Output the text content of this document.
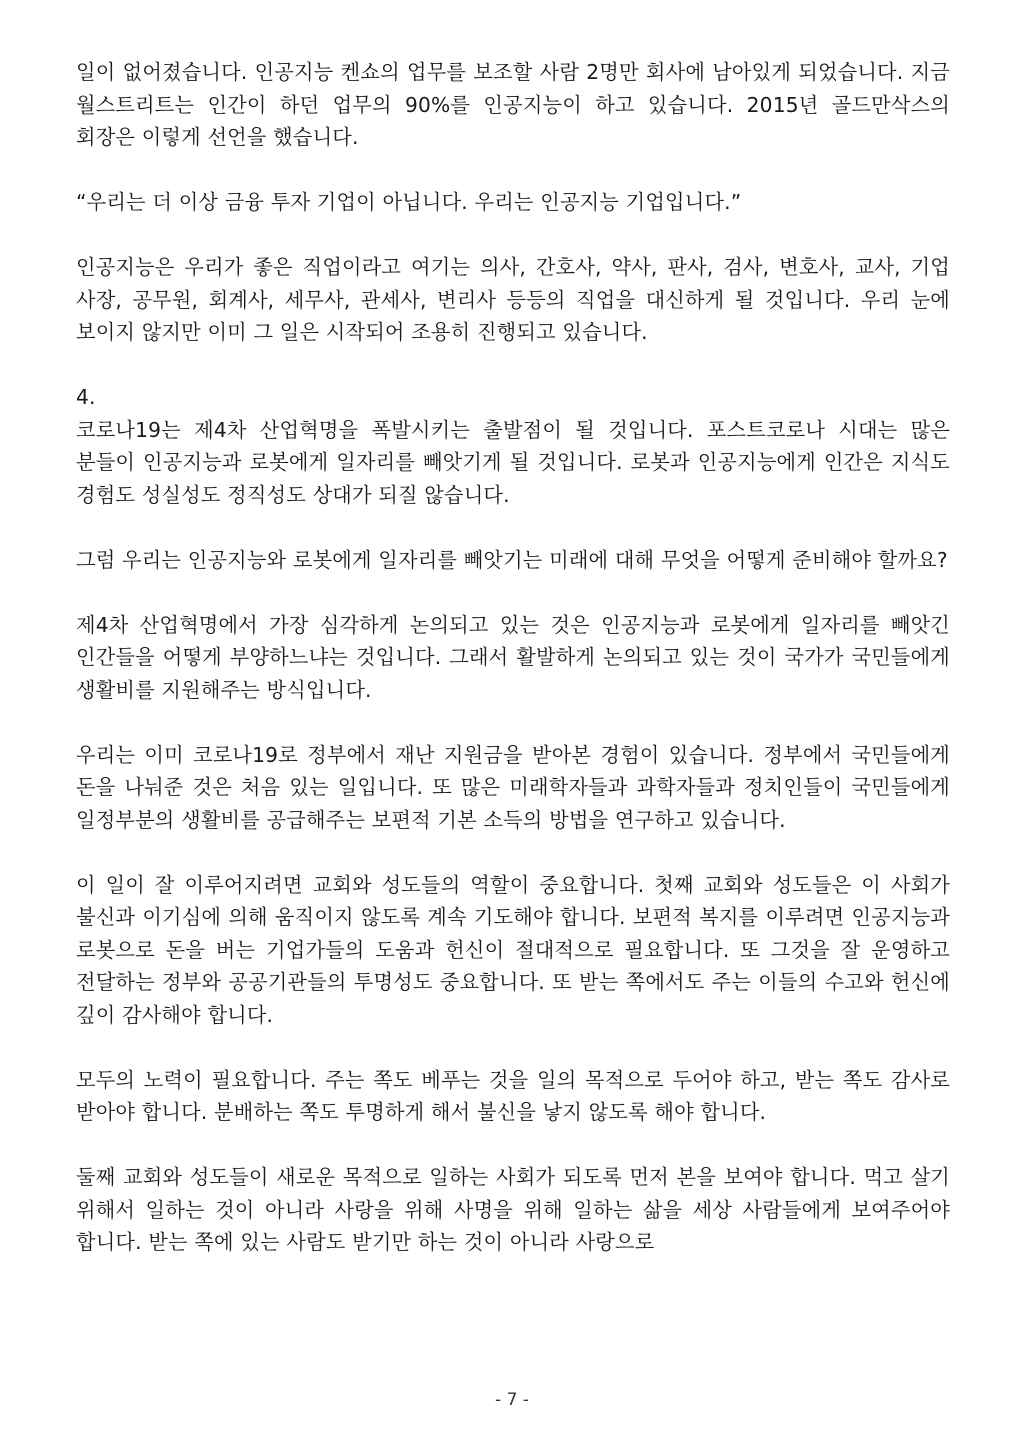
일이 없어졌습니다. 인공지능 켄쇼의 업무를 보조할 사람 2명만 회사에 남아있게 되었습니다. 지금 월스트리트는 인간이 하던 업무의 90%를 인공지능이 하고 있습니다. 2015년 골드만삭스의 회장은 이렇게 선언을 했습니다.

“우리는 더 이상 금융 투자 기업이 아닙니다. 우리는 인공지능 기업입니다.”

인공지능은 우리가 좋은 직업이라고 여기는 의사, 간호사, 약사, 판사, 검사, 변호사, 교사, 기업 사장, 공무원, 회계사, 세무사, 관세사, 변리사 등등의 직업을 대신하게 될 것입니다. 우리 눈에 보이지 않지만 이미 그 일은 시작되어 조용히 진행되고 있습니다.

4.

코로나19는 제4차 산업혁명을 폭발시키는 출발점이 될 것입니다. 포스트코로나 시대는 많은 분들이 인공지능과 로봇에게 일자리를 빼앗기게 될 것입니다. 로봇과 인공지능에게 인간은 지식도 경험도 성실성도 정직성도 상대가 되질 않습니다.

그럼 우리는 인공지능와 로봇에게 일자리를 빼앗기는 미래에 대해 무엇을 어떻게 준비해야 할까요?

제4차 산업혁명에서 가장 심각하게 논의되고 있는 것은 인공지능과 로봇에게 일자리를 빼앗긴 인간들을 어떻게 부양하느냐는 것입니다. 그래서 활발하게 논의되고 있는 것이 국가가 국민들에게 생활비를 지원해주는 방식입니다.

우리는 이미 코로나19로 정부에서 재난 지원금을 받아본 경험이 있습니다. 정부에서 국민들에게 돈을 나눠준 것은 처음 있는 일입니다. 또 많은 미래학자들과 과학자들과 정치인들이 국민들에게 일정부분의 생활비를 공급해주는 보편적 기본 소득의 방법을 연구하고 있습니다.

이 일이 잘 이루어지려면 교회와 성도들의 역할이 중요합니다. 첫째 교회와 성도들은 이 사회가 불신과 이기심에 의해 움직이지 않도록 계속 기도해야 합니다. 보편적 복지를 이루려면 인공지능과 로봇으로 돈을 버는 기업가들의 도움과 헌신이 절대적으로 필요합니다. 또 그것을 잘 운영하고 전달하는 정부와 공공기관들의 투명성도 중요합니다. 또 받는 쪽에서도 주는 이들의 수고와 헌신에 깊이 감사해야 합니다.

모두의 노력이 필요합니다. 주는 쪽도 베푸는 것을 일의 목적으로 두어야 하고, 받는 쪽도 감사로 받아야 합니다. 분배하는 쪽도 투명하게 해서 불신을 낳지 않도록 해야 합니다.

둘째 교회와 성도들이 새로운 목적으로 일하는 사회가 되도록 먼저 본을 보여야 합니다. 먹고 살기 위해서 일하는 것이 아니라 사랑을 위해 사명을 위해 일하는 삶을 세상 사람들에게 보여주어야 합니다. 받는 쪽에 있는 사람도 받기만 하는 것이 아니라 사랑으로

- 7 -
